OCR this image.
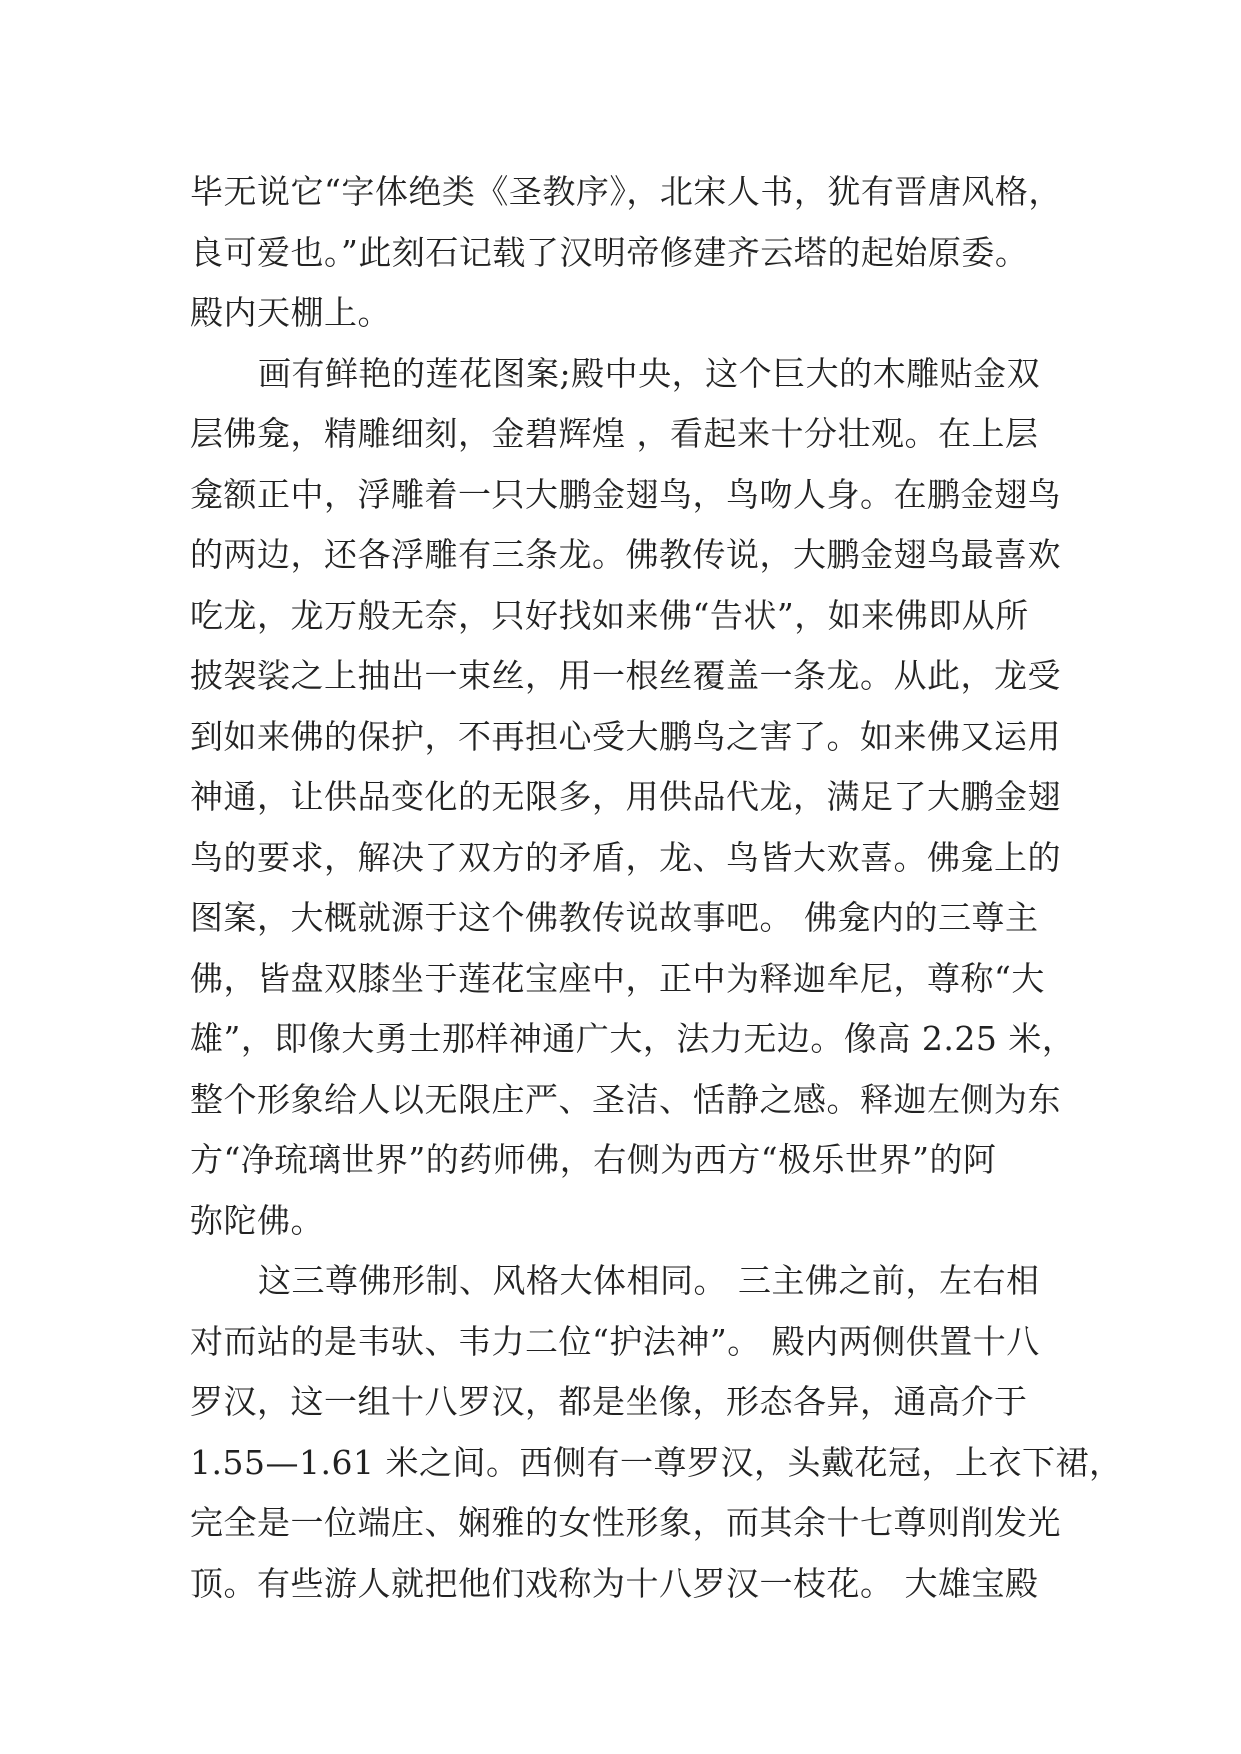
毕无说它“字体绝类《圣教序》，北宋人书，犹有晋唐风格，

良可爱也。”此刻石记载了汉明帝修建齐云塔的起始原委。

殿内天棚上。

画有鲜艳的莲花图案;殿中央，这个巨大的木雕贴金双

层佛龛，精雕细刻，金碧辉煌 ，看起来十分壮观。在上层

龛额正中，浮雕着一只大鹏金翅鸟，鸟吻人身。在鹏金翅鸟

的两边，还各浮雕有三条龙。佛教传说，大鹏金翅鸟最喜欢

吃龙，龙万般无奈，只好找如来佛“告状”，如来佛即从所

披袈裟之上抽出一束丝，用一根丝覆盖一条龙。从此，龙受

到如来佛的保护，不再担心受大鹏鸟之害了。如来佛又运用

神通，让供品变化的无限多，用供品代龙，满足了大鹏金翅

鸟的要求，解决了双方的矛盾，龙、鸟皆大欢喜。佛龛上的

图案，大概就源于这个佛教传说故事吧。 佛龛内的三尊主

佛，皆盘双膝坐于莲花宝座中，正中为释迦牟尼，尊称“大

雄”，即像大勇士那样神通广大，法力无边。像高 2.25 米，

整个形象给人以无限庄严、圣洁、恬静之感。释迦左侧为东

方“净琉璃世界”的药师佛，右侧为西方“极乐世界”的阿

弥陀佛。

这三尊佛形制、风格大体相同。 三主佛之前，左右相

对而站的是韦驮、韦力二位“护法神”。 殿内两侧供置十八

罗汉，这一组十八罗汉，都是坐像，形态各异，通高介于

1.55—1.61 米之间。西侧有一尊罗汉，头戴花冠，上衣下裙，

完全是一位端庄、娴雅的女性形象，而其余十七尊则削发光

顶。有些游人就把他们戏称为十八罗汉一枝花。 大雄宝殿
